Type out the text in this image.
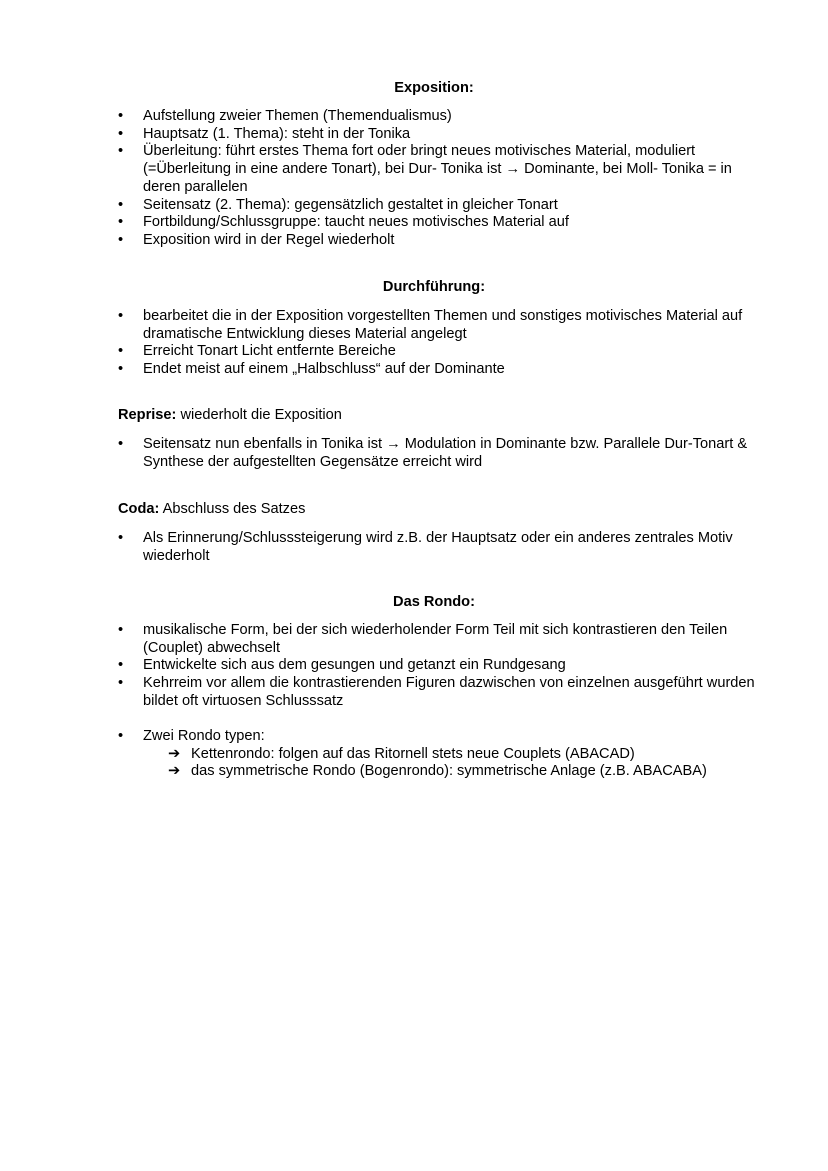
Exposition:
•	Aufstellung zweier Themen (Themendualismus)
•	Hauptsatz (1. Thema): steht in der Tonika
•	Überleitung: führt erstes Thema fort oder bringt neues motivisches Material, moduliert (=Überleitung in eine andere Tonart), bei Dur- Tonika ist → Dominante, bei Moll- Tonika = in deren parallelen
•	Seitensatz (2. Thema): gegensätzlich gestaltet in gleicher Tonart
•	Fortbildung/Schlussgruppe: taucht neues motivisches Material auf
•	Exposition wird in der Regel wiederholt
Durchführung:
•	bearbeitet die in der Exposition vorgestellten Themen und sonstiges motivisches Material auf dramatische Entwicklung dieses Material angelegt
•	Erreicht Tonart Licht entfernte Bereiche
•	Endet meist auf einem „Halbschluss“ auf der Dominante

Reprise: wiederholt die Exposition

•	Seitensatz nun ebenfalls in Tonika ist → Modulation in Dominante bzw. Parallele Dur-Tonart & Synthese der aufgestellten Gegensätze erreicht wird

Coda: Abschluss des Satzes

•	Als Erinnerung/Schlusssteigerung wird z.B. der Hauptsatz oder ein anderes zentrales Motiv wiederholt
Das Rondo:
•	musikalische Form, bei der sich wiederholender Form Teil mit sich kontrastieren den Teilen (Couplet) abwechselt
•	Entwickelte sich aus dem gesungen und getanzt ein Rundgesang
•	Kehrreim vor allem die kontrastierenden Figuren dazwischen von einzelnen ausgeführt wurden bildet oft virtuosen Schlusssatz
•	Zwei Rondo typen:
➔ Kettenrondo: folgen auf das Ritornell stets neue Couplets (ABACAD)
➔ das symmetrische Rondo (Bogenrondo): symmetrische Anlage (z.B. ABACABA)
